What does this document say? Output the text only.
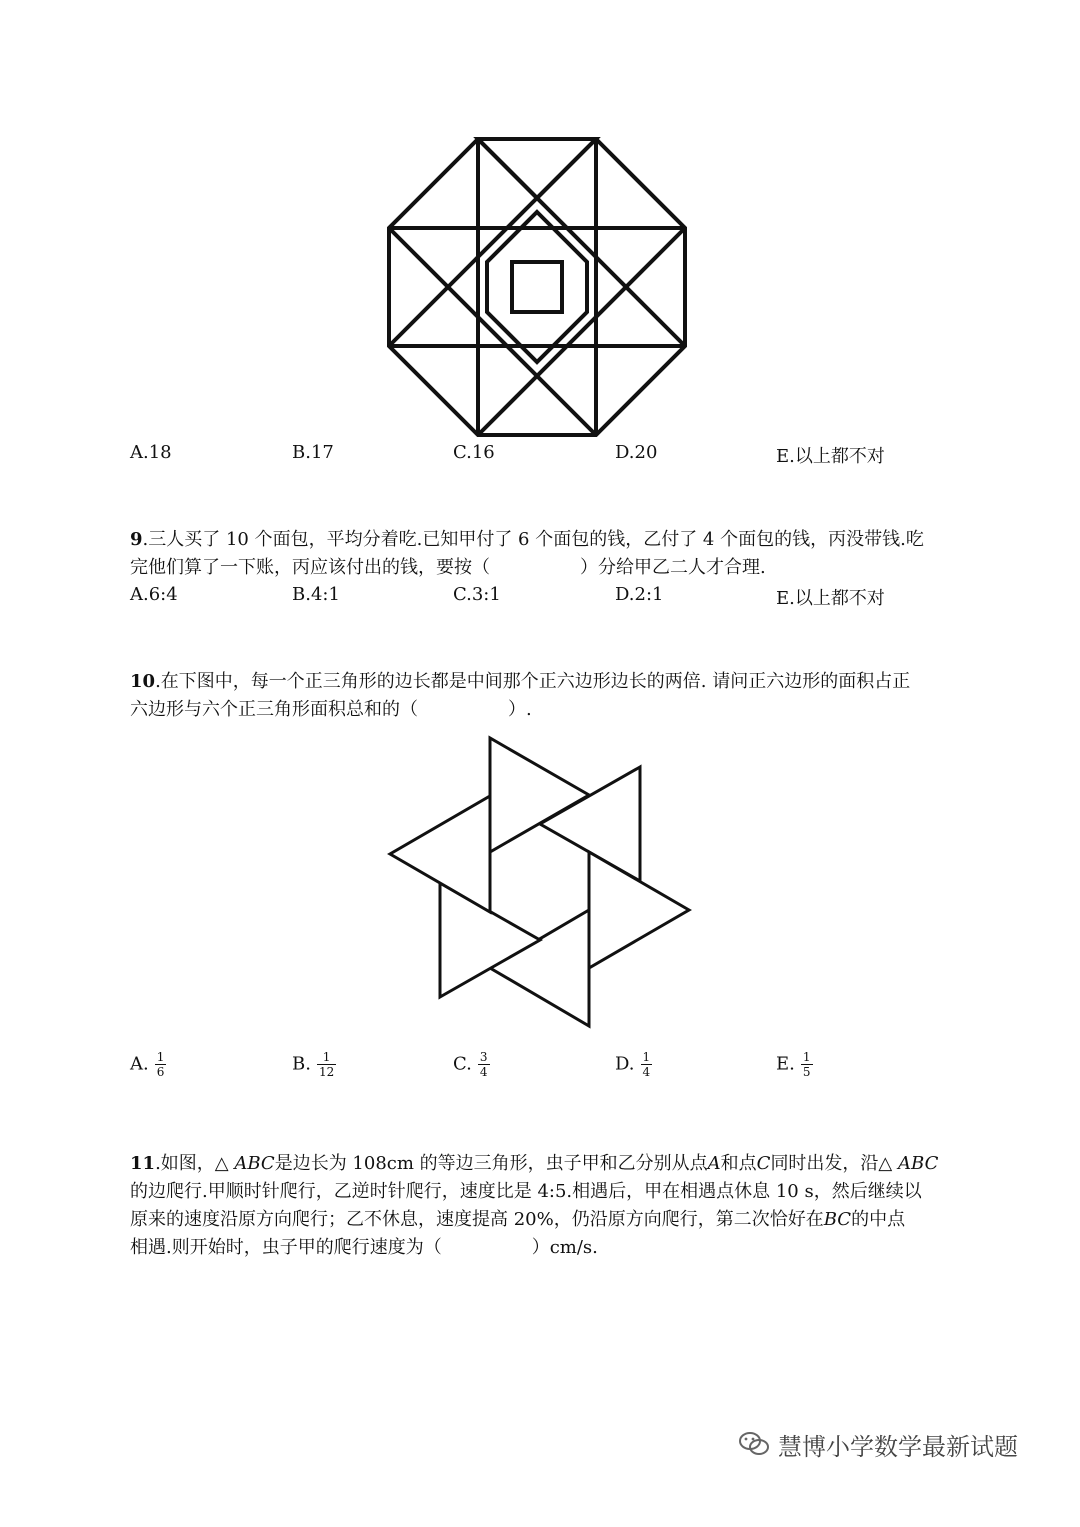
A.18	B.17	C.16	D.20	E.以上都不对
9.三人买了 10 个面包，平均分着吃.已知甲付了 6 个面包的钱，乙付了 4 个面包的钱，丙没带钱.吃
完他们算了一下账，丙应该付出的钱，要按（　　　　　）分给甲乙二人才合理.
A.6:4	B.4:1	C.3:1	D.2:1	E.以上都不对
10.在下图中，每一个正三角形的边长都是中间那个正六边形边长的两倍. 请问正六边形的面积占正
六边形与六个正三角形面积总和的（　　　　　）.
A. $\frac{1}{6}$	B. $\frac{1}{12}$	C. $\frac{3}{4}$	D. $\frac{1}{4}$	E. $\frac{1}{5}$
11.如图，△ ABC是边长为 108cm 的等边三角形，虫子甲和乙分别从点A和点C同时出发，沿△ ABC
的边爬行.甲顺时针爬行，乙逆时针爬行，速度比是 4:5.相遇后，甲在相遇点休息 10 s，然后继续以
原来的速度沿原方向爬行；乙不休息，速度提高 20%，仍沿原方向爬行，第二次恰好在BC的中点
相遇.则开始时，虫子甲的爬行速度为（　　　　　）cm/s.
慧博小学数学最新试题
